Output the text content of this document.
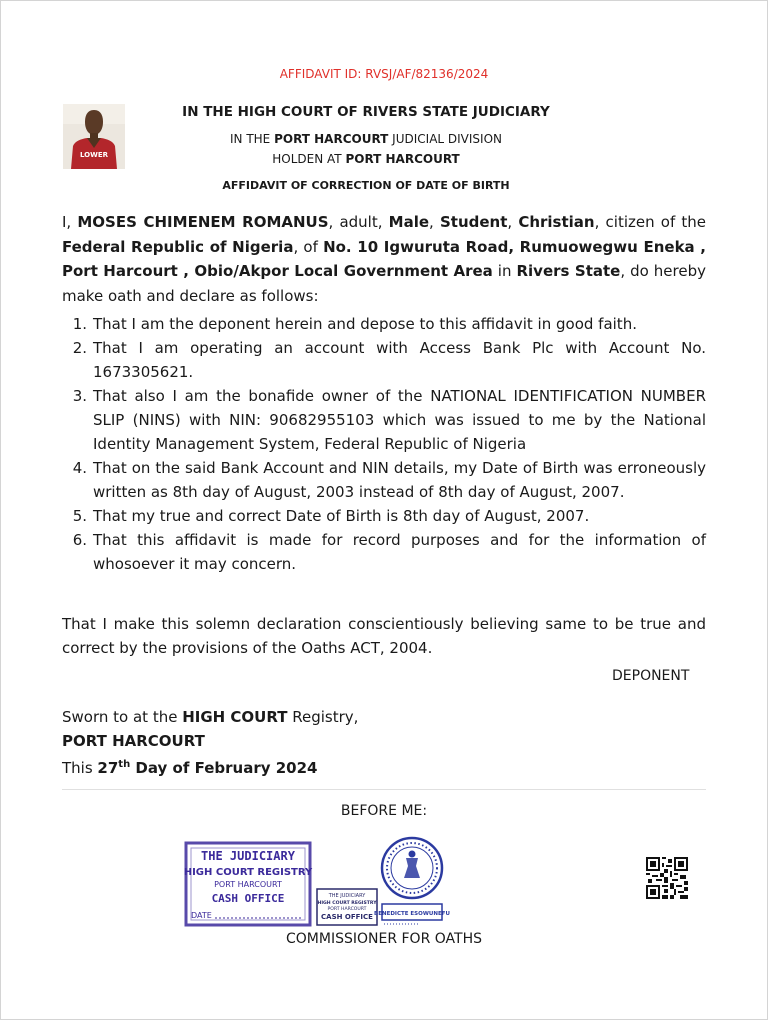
AFFIDAVIT ID: RVSJ/AF/82136/2024
LOWER
IN THE HIGH COURT OF RIVERS STATE JUDICIARY
IN THE PORT HARCOURT JUDICIAL DIVISION
HOLDEN AT PORT HARCOURT
AFFIDAVIT OF CORRECTION OF DATE OF BIRTH
I, MOSES CHIMENEM ROMANUS, adult, Male, Student, Christian, citizen of the Federal Republic of Nigeria, of No. 10 Igwuruta Road, Rumuowegwu Eneka , Port Harcourt , Obio/Akpor Local Government Area in Rivers State, do hereby make oath and declare as follows:
1. That I am the deponent herein and depose to this affidavit in good faith.
2. That I am operating an account with Access Bank Plc with Account No. 1673305621.
3. That also I am the bonafide owner of the NATIONAL IDENTIFICATION NUMBER SLIP (NINS) with NIN: 90682955103 which was issued to me by the National Identity Management System, Federal Republic of Nigeria
4. That on the said Bank Account and NIN details, my Date of Birth was erroneously written as 8th day of August, 2003 instead of 8th day of August, 2007.
5. That my true and correct Date of Birth is 8th day of August, 2007.
6. That this affidavit is made for record purposes and for the information of whosoever it may concern.
That I make this solemn declaration conscientiously believing same to be true and correct by the provisions of the Oaths ACT, 2004.
DEPONENT
Sworn to at the HIGH COURT Registry,
PORT HARCOURT
This 27th Day of February 2024
BEFORE ME:
THE JUDICIARY
HIGH COURT REGISTRY
PORT HARCOURT
CASH OFFICE
DATE
THE JUDICIARY
HIGH COURT REGISTRY
PORT HARCOURT
CASH OFFICE BENEDICTE ESOWUNEFU
COMMISSIONER FOR OATHS
